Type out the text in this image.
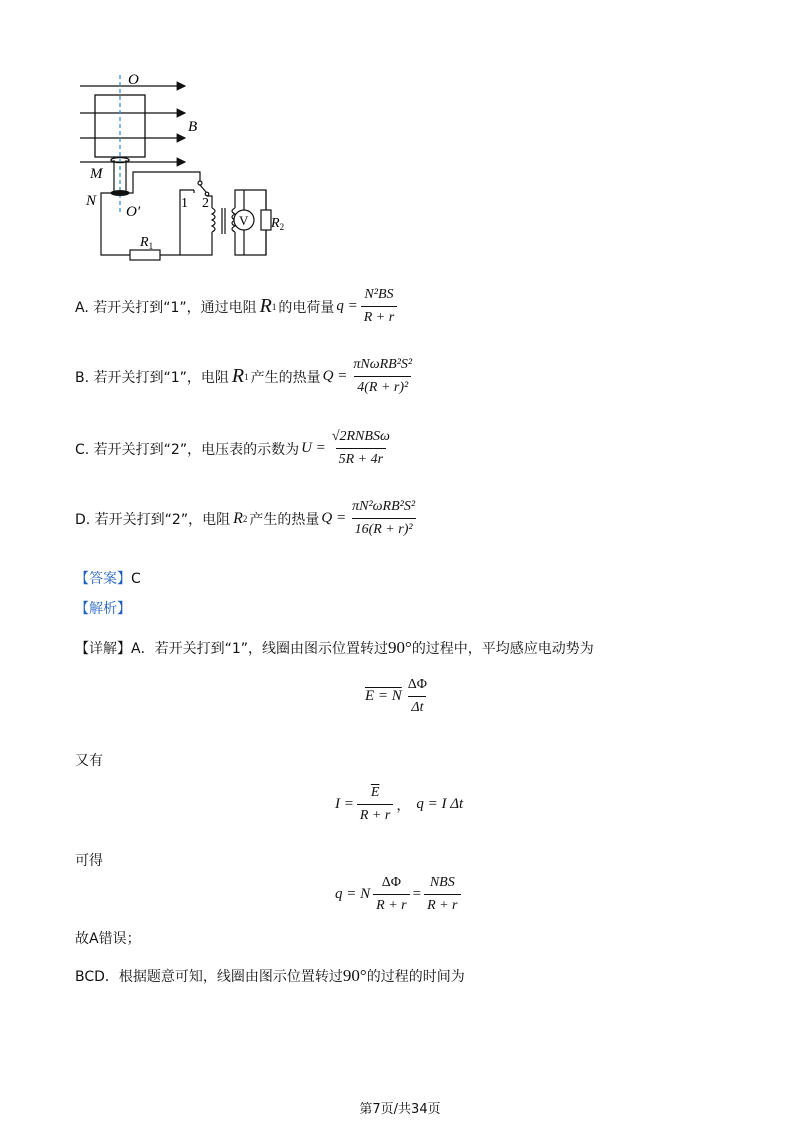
O
B
M
N
O′
1 2
V
$R_1$
$R_2$
A. 若开关打到“1”，通过电阻 R 1 的电荷量 $q = \frac{\text{N²BS}}{R + r}$
B. 若开关打到“1”，电阻 R 1 产生的热量 $Q = \frac{\text{πNωRB²S²}}{\text{4(R + r)²}}$
C. 若开关打到“2”，电压表的示数为 $U = \frac{\text{√2RNBSω}}{5R + 4r}$
D. 若开关打到“2”，电阻 R 2 产生的热量 $Q = \frac{\text{πN²ωRB²S²}}{\text{16(R + r)²}}$
【答案】C
【解析】
【详解】A．若开关打到“1”，线圈由图示位置转过90°的过程中，平均感应电动势为
E = N $\frac{\Delta\Phi}{\Delta t}$
又有
$I = \frac{\overline{E}}{R + r}$ ， q = I Δt
可得
q = N $\frac{\Delta\Phi}{R + r} = \frac{\text{NBS}}{R + r}$
故A错误；
BCD．根据题意可知，线圈由图示位置转过90°的过程的时间为
第7页/共34页
